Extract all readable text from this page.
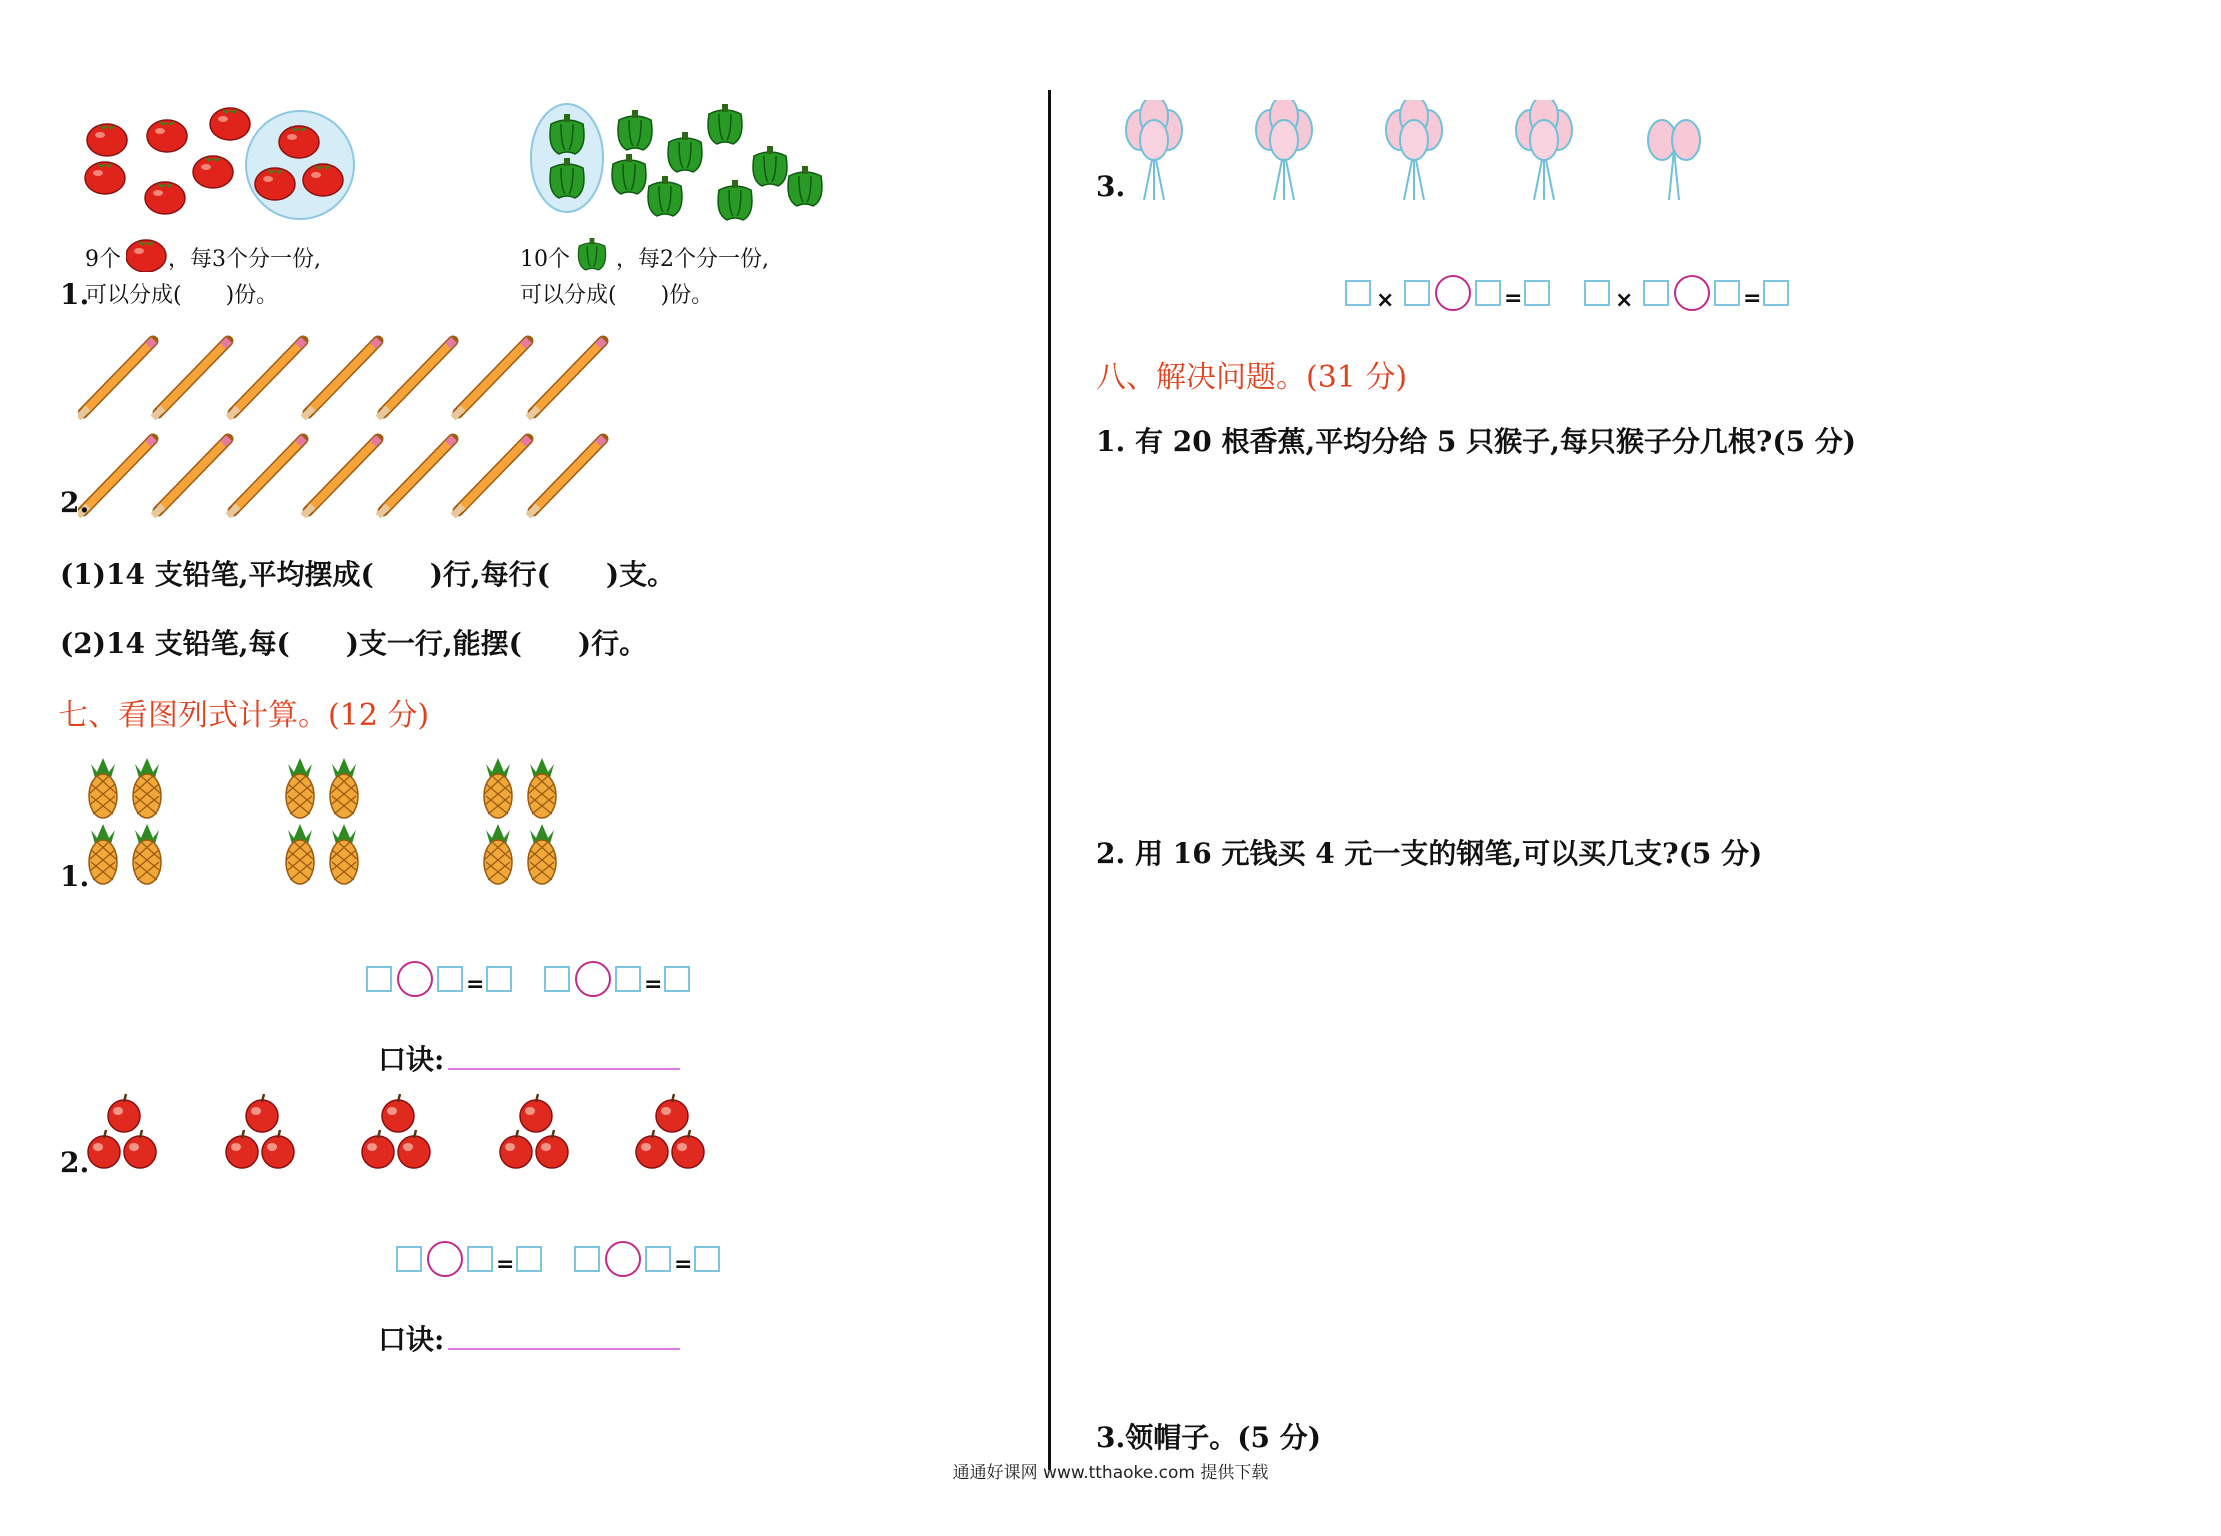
9个 ，每3个分一份,
1.
可以分成(　　)份。
10个 ，每2个分一份,
可以分成(　　)份。
2.
(1)14 支铅笔,平均摆成(　　)行,每行(　　)支。
(2)14 支铅笔,每(　　)支一行,能摆(　　)行。
七、看图列式计算。(12 分)
1.
=	=
口诀:
2.
=	=
口诀:
3.
×	=	×	=
八、解决问题。(31 分)
1. 有 20 根香蕉,平均分给 5 只猴子,每只猴子分几根?(5 分)
2. 用 16 元钱买 4 元一支的钢笔,可以买几支?(5 分)
3.领帽子。(5 分)
通通好课网 www.tthaoke.com 提供下载
